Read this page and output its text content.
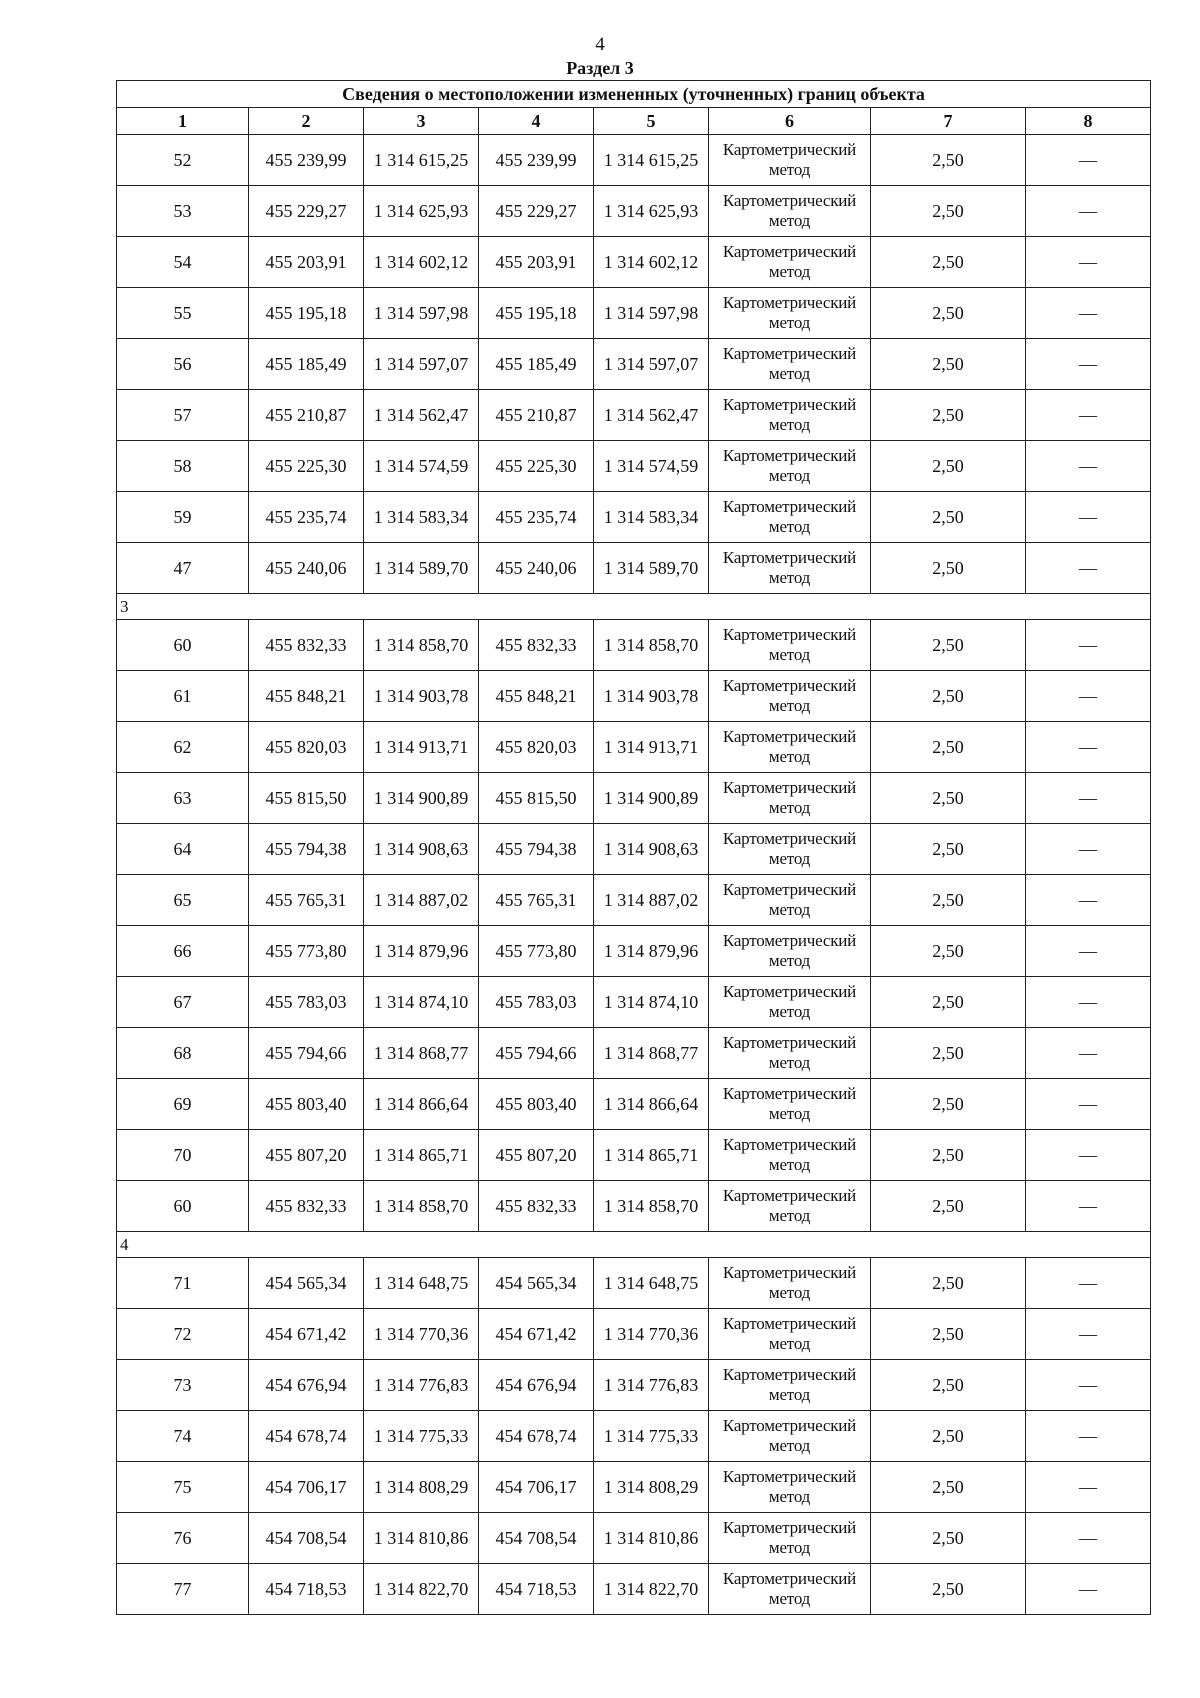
4
Раздел 3
Сведения о местоположении измененных (уточненных) границ объекта							
1	2	3	4	5	6	7	8
52	455 239,99	1 314 615,25	455 239,99	1 314 615,25	Картометрический метод	2,50	—
53	455 229,27	1 314 625,93	455 229,27	1 314 625,93	Картометрический метод	2,50	—
54	455 203,91	1 314 602,12	455 203,91	1 314 602,12	Картометрический метод	2,50	—
55	455 195,18	1 314 597,98	455 195,18	1 314 597,98	Картометрический метод	2,50	—
56	455 185,49	1 314 597,07	455 185,49	1 314 597,07	Картометрический метод	2,50	—
57	455 210,87	1 314 562,47	455 210,87	1 314 562,47	Картометрический метод	2,50	—
58	455 225,30	1 314 574,59	455 225,30	1 314 574,59	Картометрический метод	2,50	—
59	455 235,74	1 314 583,34	455 235,74	1 314 583,34	Картометрический метод	2,50	—
47	455 240,06	1 314 589,70	455 240,06	1 314 589,70	Картометрический метод	2,50	—
3							
60	455 832,33	1 314 858,70	455 832,33	1 314 858,70	Картометрический метод	2,50	—
61	455 848,21	1 314 903,78	455 848,21	1 314 903,78	Картометрический метод	2,50	—
62	455 820,03	1 314 913,71	455 820,03	1 314 913,71	Картометрический метод	2,50	—
63	455 815,50	1 314 900,89	455 815,50	1 314 900,89	Картометрический метод	2,50	—
64	455 794,38	1 314 908,63	455 794,38	1 314 908,63	Картометрический метод	2,50	—
65	455 765,31	1 314 887,02	455 765,31	1 314 887,02	Картометрический метод	2,50	—
66	455 773,80	1 314 879,96	455 773,80	1 314 879,96	Картометрический метод	2,50	—
67	455 783,03	1 314 874,10	455 783,03	1 314 874,10	Картометрический метод	2,50	—
68	455 794,66	1 314 868,77	455 794,66	1 314 868,77	Картометрический метод	2,50	—
69	455 803,40	1 314 866,64	455 803,40	1 314 866,64	Картометрический метод	2,50	—
70	455 807,20	1 314 865,71	455 807,20	1 314 865,71	Картометрический метод	2,50	—
60	455 832,33	1 314 858,70	455 832,33	1 314 858,70	Картометрический метод	2,50	—
4							
71	454 565,34	1 314 648,75	454 565,34	1 314 648,75	Картометрический метод	2,50	—
72	454 671,42	1 314 770,36	454 671,42	1 314 770,36	Картометрический метод	2,50	—
73	454 676,94	1 314 776,83	454 676,94	1 314 776,83	Картометрический метод	2,50	—
74	454 678,74	1 314 775,33	454 678,74	1 314 775,33	Картометрический метод	2,50	—
75	454 706,17	1 314 808,29	454 706,17	1 314 808,29	Картометрический метод	2,50	—
76	454 708,54	1 314 810,86	454 708,54	1 314 810,86	Картометрический метод	2,50	—
77	454 718,53	1 314 822,70	454 718,53	1 314 822,70	Картометрический метод	2,50	—
